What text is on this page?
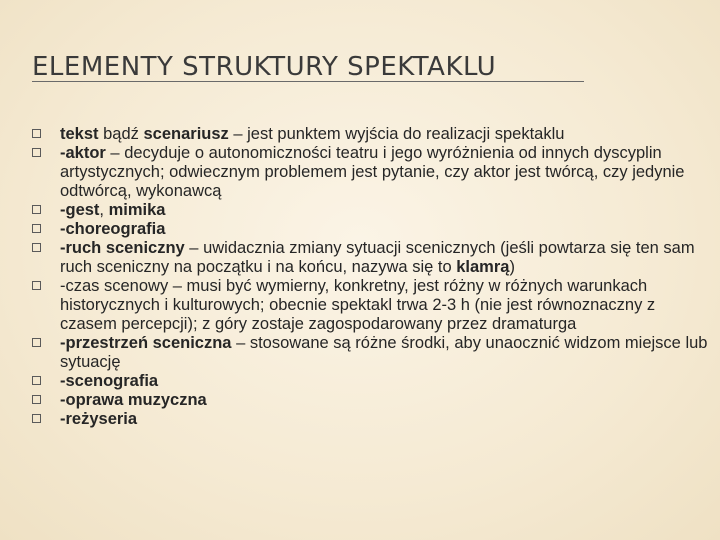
ELEMENTY STRUKTURY SPEKTAKLU
tekst bądź scenariusz – jest punktem wyjścia do realizacji spektaklu
-aktor – decyduje o autonomiczności teatru i jego wyróżnienia od innych dyscyplin artystycznych; odwiecznym problemem jest pytanie, czy aktor jest twórcą, czy jedynie odtwórcą, wykonawcą
-gest, mimika
-choreografia
-ruch sceniczny – uwidacznia zmiany sytuacji scenicznych (jeśli powtarza się ten sam ruch sceniczny na początku i na końcu, nazywa się to klamrą)
-czas scenowy – musi być wymierny, konkretny, jest różny w różnych warunkach historycznych i kulturowych; obecnie spektakl trwa 2-3 h (nie jest równoznaczny z czasem percepcji); z góry zostaje zagospodarowany przez dramaturga
-przestrzeń sceniczna – stosowane są różne środki, aby unaocznić widzom miejsce lub sytuację
-scenografia
-oprawa muzyczna
-reżyseria
